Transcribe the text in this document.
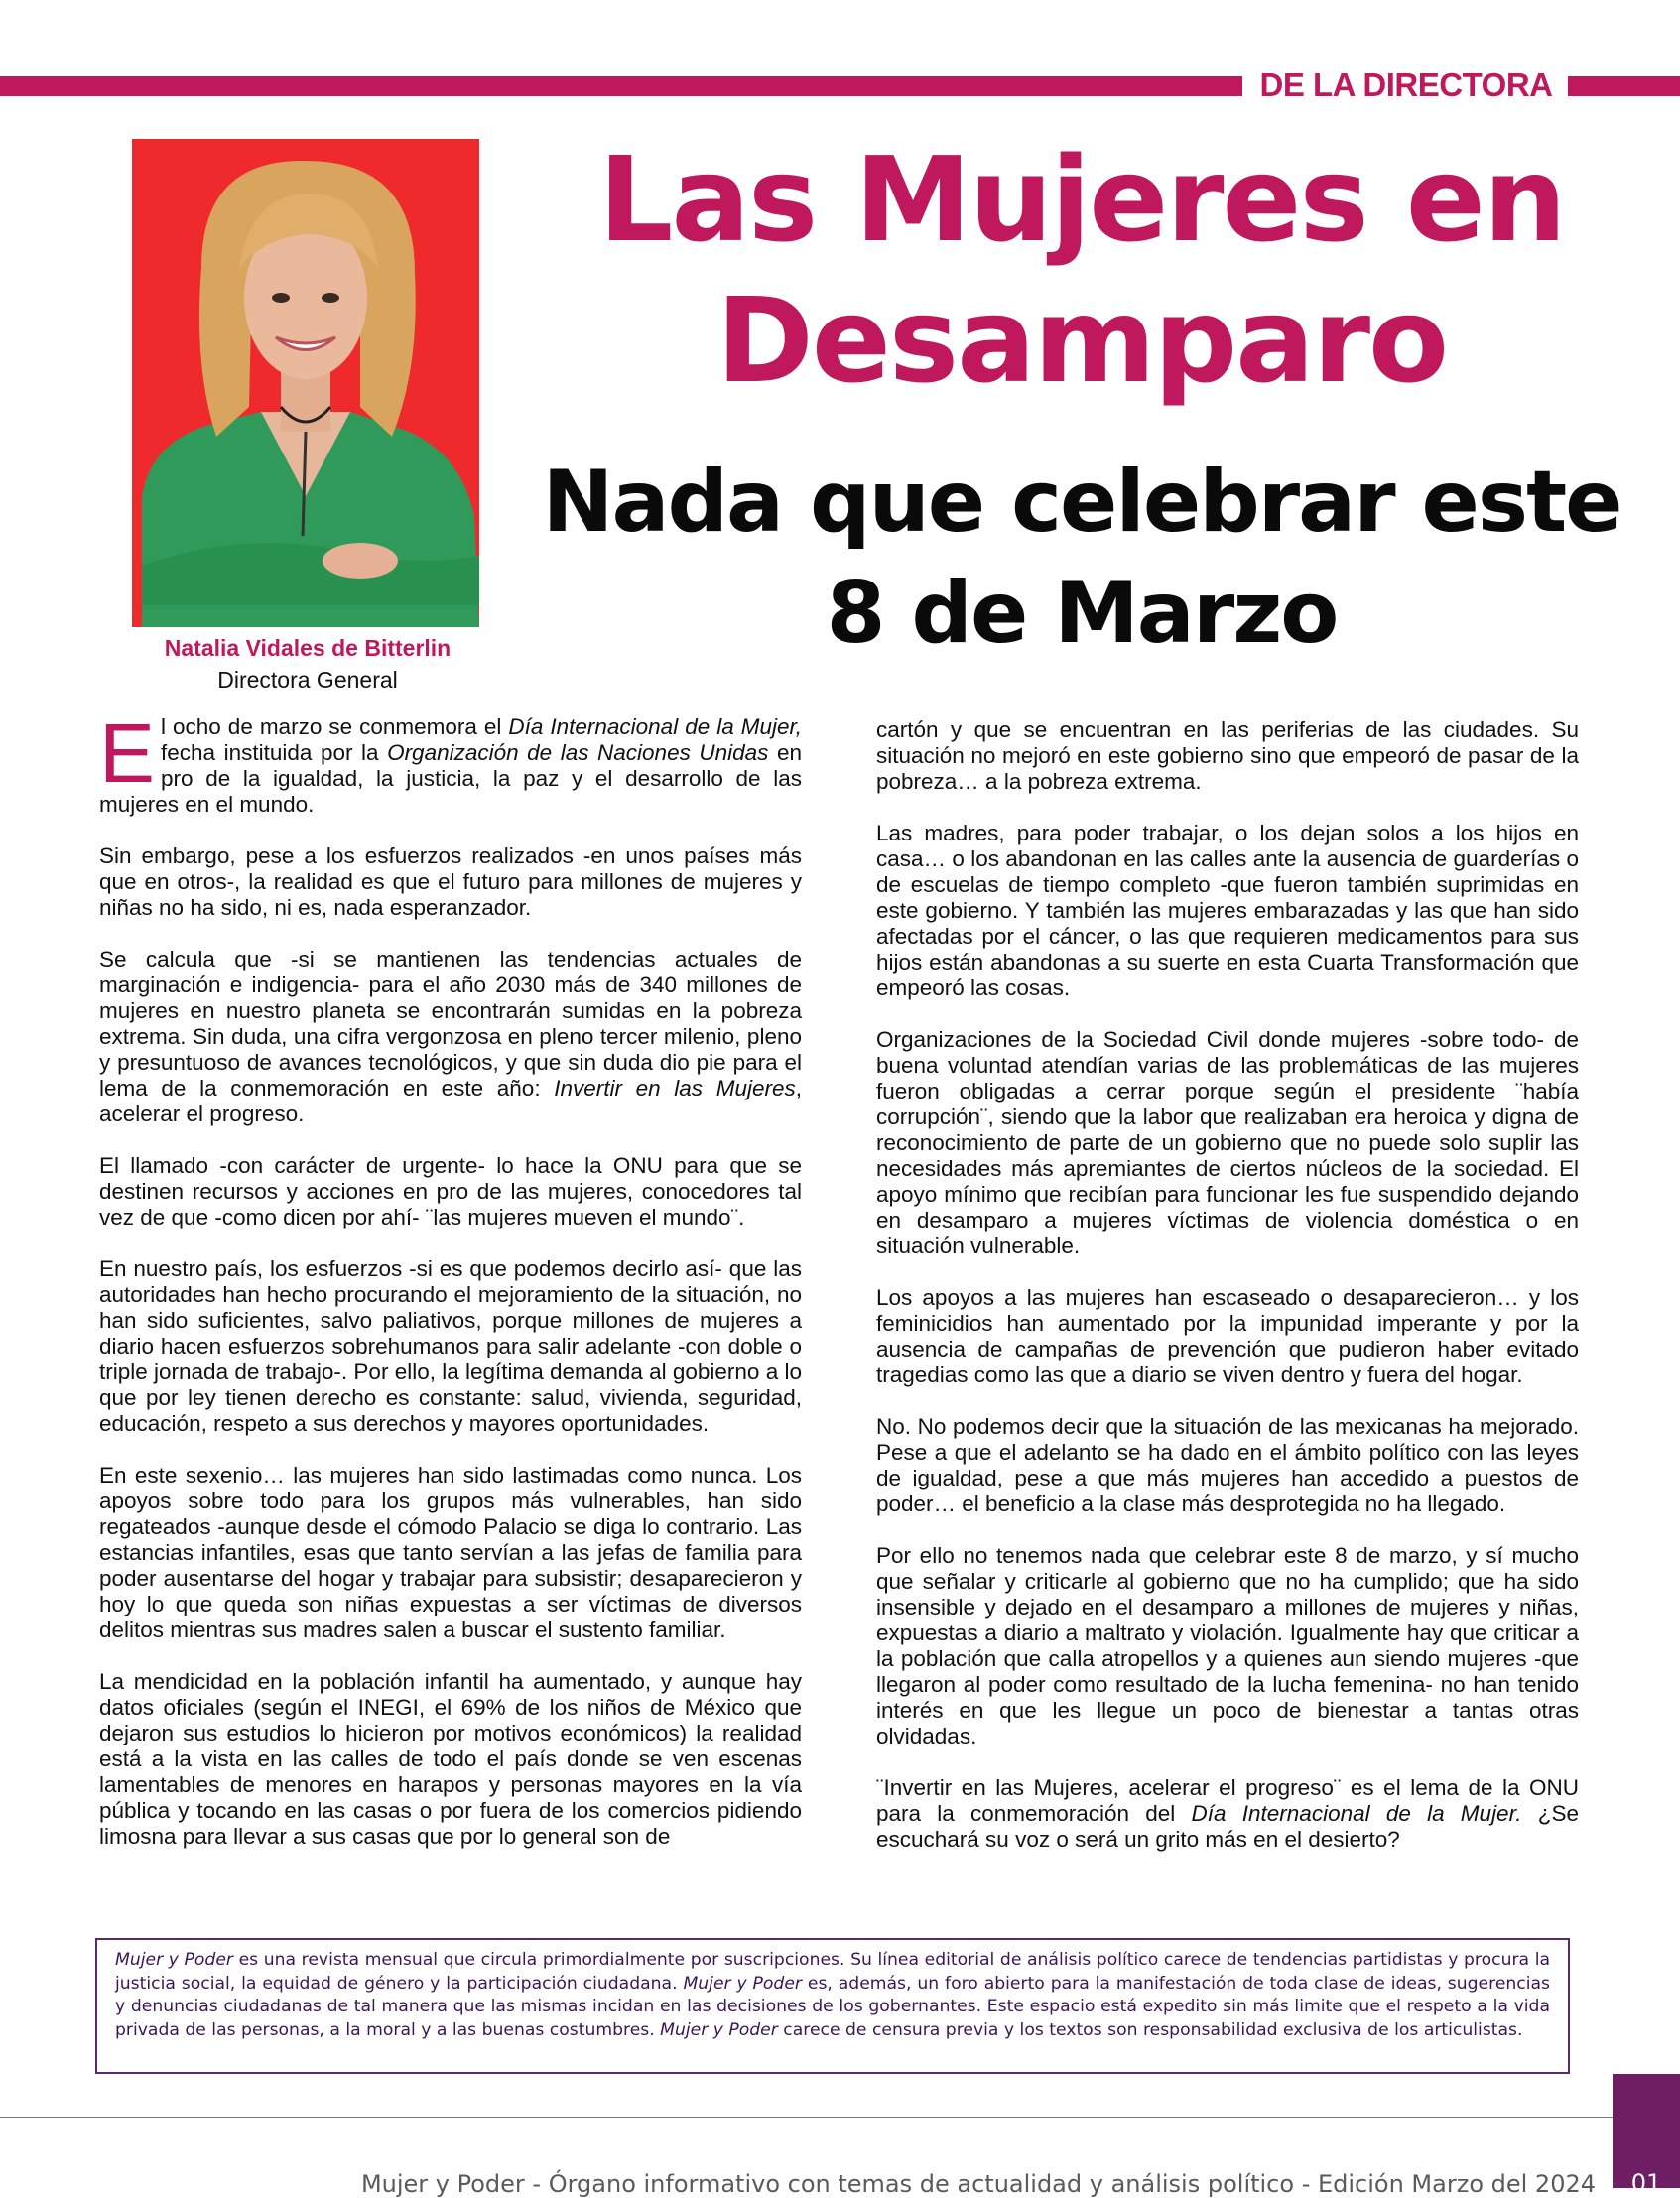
DE LA DIRECTORA
Natalia Vidales de Bitterlin
Directora General
Las Mujeres en Desamparo
Nada que celebrar este 8 de Marzo

El ocho de marzo se conmemora el Día Internacional de la Mujer, fecha instituida por la Organización de las Naciones Unidas en pro de la igualdad, la justicia, la paz y el desarrollo de las mujeres en el mundo.

Sin embargo, pese a los esfuerzos realizados -en unos países más que en otros-, la realidad es que el futuro para millones de mujeres y niñas no ha sido, ni es, nada esperanzador.

Se calcula que -si se mantienen las tendencias actuales de marginación e indigencia- para el año 2030 más de 340 millones de mujeres en nuestro planeta se encontrarán sumidas en la pobreza extrema. Sin duda, una cifra vergonzosa en pleno tercer milenio, pleno y presuntuoso de avances tecnológicos, y que sin duda dio pie para el lema de la conmemoración en este año: Invertir en las Mujeres, acelerar el progreso.

El llamado -con carácter de urgente- lo hace la ONU para que se destinen recursos y acciones en pro de las mujeres, conocedores tal vez de que -como dicen por ahí- ¨las mujeres mueven el mundo¨.

En nuestro país, los esfuerzos -si es que podemos decirlo así- que las autoridades han hecho procurando el mejoramiento de la situación, no han sido suficientes, salvo paliativos, porque millones de mujeres a diario hacen esfuerzos sobrehumanos para salir adelante -con doble o triple jornada de trabajo-. Por ello, la legítima demanda al gobierno a lo que por ley tienen derecho es constante: salud, vivienda, seguridad, educación, respeto a sus derechos y mayores oportunidades.

En este sexenio… las mujeres han sido lastimadas como nunca. Los apoyos sobre todo para los grupos más vulnerables, han sido regateados -aunque desde el cómodo Palacio se diga lo contrario. Las estancias infantiles, esas que tanto servían a las jefas de familia para poder ausentarse del hogar y trabajar para subsistir; desaparecieron y hoy lo que queda son niñas expuestas a ser víctimas de diversos delitos mientras sus madres salen a buscar el sustento familiar.

La mendicidad en la población infantil ha aumentado, y aunque hay datos oficiales (según el INEGI, el 69% de los niños de México que dejaron sus estudios lo hicieron por motivos económicos) la realidad está a la vista en las calles de todo el país donde se ven escenas lamentables de menores en harapos y personas mayores en la vía pública y tocando en las casas o por fuera de los comercios pidiendo limosna para llevar a sus casas que por lo general son de

cartón y que se encuentran en las periferias de las ciudades. Su situación no mejoró en este gobierno sino que empeoró de pasar de la pobreza… a la pobreza extrema.

Las madres, para poder trabajar, o los dejan solos a los hijos en casa… o los abandonan en las calles ante la ausencia de guarderías o de escuelas de tiempo completo -que fueron también suprimidas en este gobierno. Y también las mujeres embarazadas y las que han sido afectadas por el cáncer, o las que requieren medicamentos para sus hijos están abandonas a su suerte en esta Cuarta Transformación que empeoró las cosas.

Organizaciones de la Sociedad Civil donde mujeres -sobre todo- de buena voluntad atendían varias de las problemáticas de las mujeres fueron obligadas a cerrar porque según el presidente ¨había corrupción¨, siendo que la labor que realizaban era heroica y digna de reconocimiento de parte de un gobierno que no puede solo suplir las necesidades más apremiantes de ciertos núcleos de la sociedad. El apoyo mínimo que recibían para funcionar les fue suspendido dejando en desamparo a mujeres víctimas de violencia doméstica o en situación vulnerable.

Los apoyos a las mujeres han escaseado o desaparecieron… y los feminicidios han aumentado por la impunidad imperante y por la ausencia de campañas de prevención que pudieron haber evitado tragedias como las que a diario se viven dentro y fuera del hogar.

No. No podemos decir que la situación de las mexicanas ha mejorado. Pese a que el adelanto se ha dado en el ámbito político con las leyes de igualdad, pese a que más mujeres han accedido a puestos de poder… el beneficio a la clase más desprotegida no ha llegado.

Por ello no tenemos nada que celebrar este 8 de marzo, y sí mucho que señalar y criticarle al gobierno que no ha cumplido; que ha sido insensible y dejado en el desamparo a millones de mujeres y niñas, expuestas a diario a maltrato y violación. Igualmente hay que criticar a la población que calla atropellos y a quienes aun siendo mujeres -que llegaron al poder como resultado de la lucha femenina- no han tenido interés en que les llegue un poco de bienestar a tantas otras olvidadas.

¨Invertir en las Mujeres, acelerar el progreso¨ es el lema de la ONU para la conmemoración del Día Internacional de la Mujer. ¿Se escuchará su voz o será un grito más en el desierto?

Mujer y Poder es una revista mensual que circula primordialmente por suscripciones. Su línea editorial de análisis político carece de tendencias partidistas y procura la justicia social, la equidad de género y la participación ciudadana. Mujer y Poder es, además, un foro abierto para la manifestación de toda clase de ideas, sugerencias y denuncias ciudadanas de tal manera que las mismas incidan en las decisiones de los gobernantes. Este espacio está expedito sin más limite que el respeto a la vida privada de las personas, a la moral y a las buenas costumbres. Mujer y Poder carece de censura previa y los textos son responsabilidad exclusiva de los articulistas.
Mujer y Poder - Órgano informativo con temas de actualidad y análisis político - Edición Marzo del 2024	01
